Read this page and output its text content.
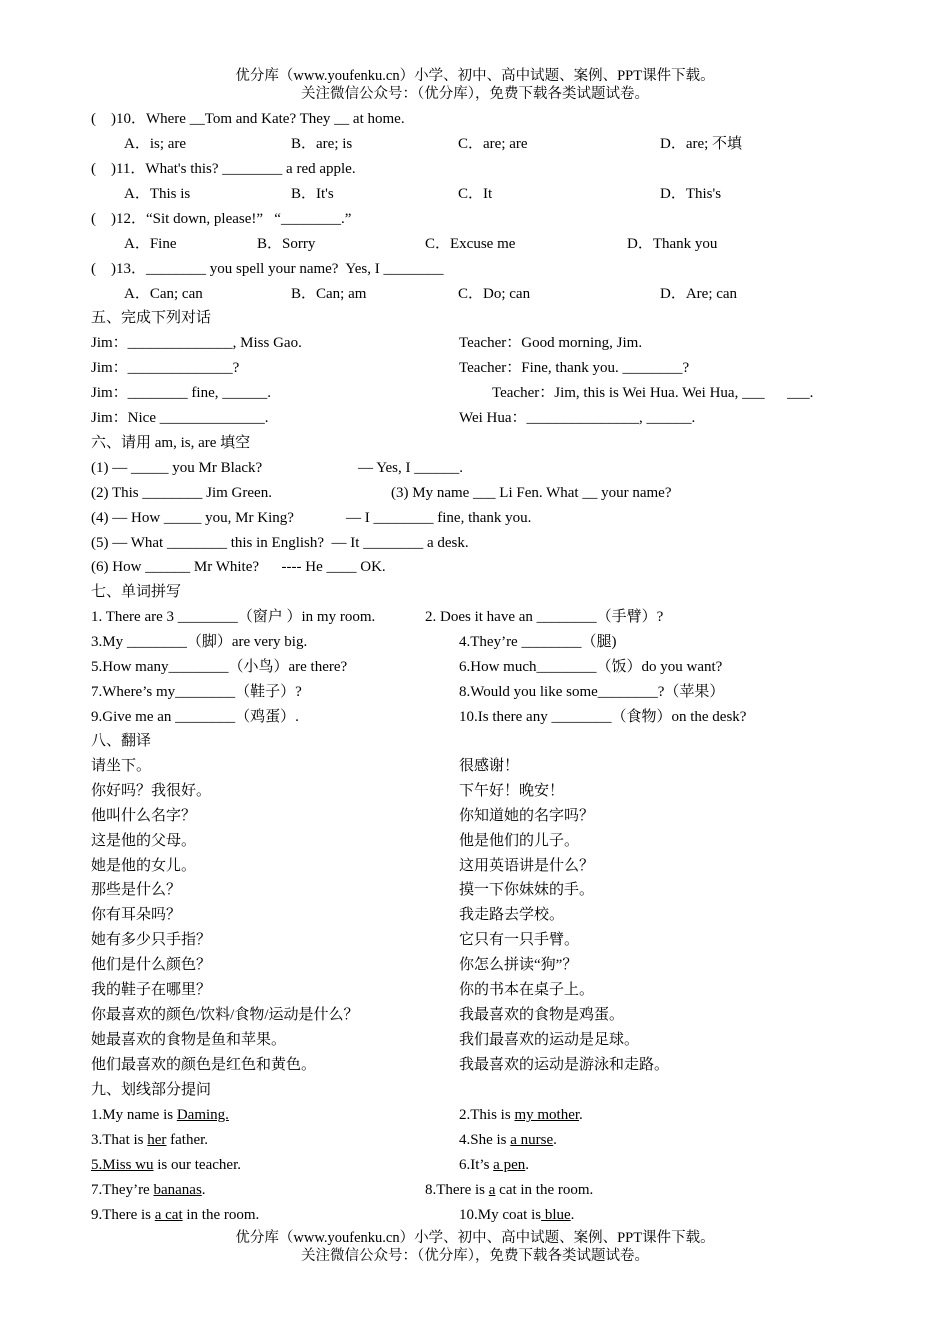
优分库（www.youfenku.cn）小学、初中、高中试题、案例、PPT课件下载。
关注微信公众号：（优分库），免费下载各类试题试卷。
(    )10．Where __Tom and Kate? They __ at home.
A．is; are	B．are; is	C．are; are	D．are; 不填
(    )11．What's this? ________ a red apple.
A．This is	B．It's	C．It	D．This's
(    )12．“Sit down, please!”   “________.”
A．Fine	B．Sorry	C．Excuse me	D．Thank you
(    )13．________ you spell your name?  Yes, I ________
A．Can; can	B．Can; am	C．Do; can	D．Are; can
五、完成下列对话
Jim：______________, Miss Gao.	Teacher：Good morning, Jim.
Jim：______________?	Teacher：Fine, thank you. ________?
Jim：________ fine, ______.	Teacher：Jim, this is Wei Hua. Wei Hua, ___      ___.
Jim：Nice ______________.	Wei Hua：_______________, ______.
六、请用 am, is, are 填空
(1) — _____ you Mr Black?	— Yes, I ______.
(2) This ________ Jim Green.	(3) My name ___ Li Fen. What __ your name?
(4) — How _____ you, Mr King?	— I ________ fine, thank you.
(5) — What ________ this in English?  — It ________ a desk.
(6) How ______ Mr White?      ---- He ____ OK.
七、单词拼写
1. There are 3 ________（窗户 ）in my room.	2. Does it have an ________（手臂）?
3.My ________（脚）are very big.	4.They’re ________（腿)
5.How many________（小鸟）are there?	6.How much________（饭）do you want?
7.Where’s my________（鞋子）?	8.Would you like some________?（苹果）
9.Give me an ________（鸡蛋）.	10.Is there any ________（食物）on the desk?
八、翻译
请坐下。	很感谢！
你好吗？我很好。	下午好！晚安！
他叫什么名字？	你知道她的名字吗？
这是他的父母。	他是他们的儿子。
她是他的女儿。	这用英语讲是什么？
那些是什么？	摸一下你妹妹的手。
你有耳朵吗？	我走路去学校。
她有多少只手指？	它只有一只手臂。
他们是什么颜色？	你怎么拼读“狗”？
我的鞋子在哪里？	你的书本在桌子上。
你最喜欢的颜色/饮料/食物/运动是什么？	我最喜欢的食物是鸡蛋。
她最喜欢的食物是鱼和苹果。	我们最喜欢的运动是足球。
他们最喜欢的颜色是红色和黄色。	我最喜欢的运动是游泳和走路。
九、划线部分提问
1.My name is Daming.	2.This is my mother.
3.That is her father.	4.She is a nurse.
5.Miss wu is our teacher.	6.It’s a pen.
7.They’re bananas.	8.There is a cat in the room.
9.There is a cat in the room.	10.My coat is blue.
优分库（www.youfenku.cn）小学、初中、高中试题、案例、PPT课件下载。
关注微信公众号：（优分库），免费下载各类试题试卷。
